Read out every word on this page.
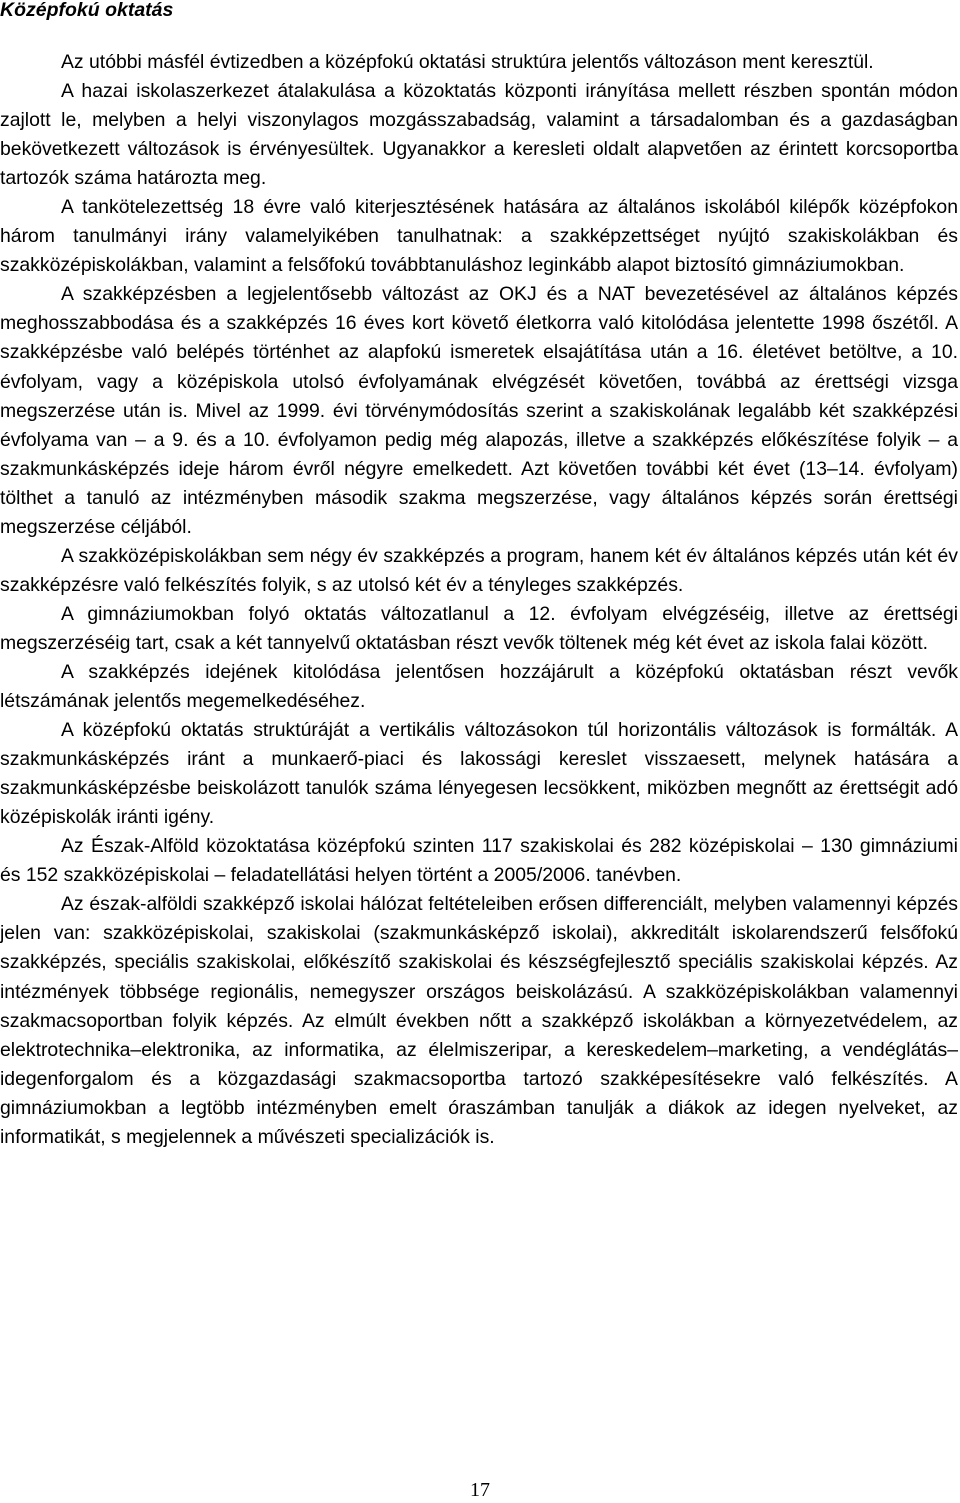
Középfokú oktatás

Az utóbbi másfél évtizedben a középfokú oktatási struktúra jelentős változáson ment keresztül.

A hazai iskolaszerkezet átalakulása a közoktatás központi irányítása mellett részben spontán módon zajlott le, melyben a helyi viszonylagos mozgásszabadság, valamint a társadalomban és a gazdaságban bekövetkezett változások is érvényesültek. Ugyanakkor a keresleti oldalt alapvetően az érintett korcsoportba tartozók száma határozta meg.

A tankötelezettség 18 évre való kiterjesztésének hatására az általános iskolából kilépők középfokon három tanulmányi irány valamelyikében tanulhatnak: a szakképzettséget nyújtó szakiskolákban és szakközépiskolákban, valamint a felsőfokú továbbtanuláshoz leginkább alapot biztosító gimnáziumokban.

A szakképzésben a legjelentősebb változást az OKJ és a NAT bevezetésével az általános képzés meghosszabbodása és a szakképzés 16 éves kort követő életkorra való kitolódása jelentette 1998 őszétől. A szakképzésbe való belépés történhet az alapfokú ismeretek elsajátítása után a 16. életévet betöltve, a 10. évfolyam, vagy a középiskola utolsó évfolyamának elvégzését követően, továbbá az érettségi vizsga megszerzése után is. Mivel az 1999. évi törvénymódosítás szerint a szakiskolának legalább két szakképzési évfolyama van – a 9. és a 10. évfolyamon pedig még alapozás, illetve a szakképzés előkészítése folyik – a szakmunkásképzés ideje három évről négyre emelkedett. Azt követően további két évet (13–14. évfolyam) tölthet a tanuló az intézményben második szakma megszerzése, vagy általános képzés során érettségi megszerzése céljából.

A szakközépiskolákban sem négy év szakképzés a program, hanem két év általános képzés után két év szakképzésre való felkészítés folyik, s az utolsó két év a tényleges szakképzés.

A gimnáziumokban folyó oktatás változatlanul a 12. évfolyam elvégzéséig, illetve az érettségi megszerzéséig tart, csak a két tannyelvű oktatásban részt vevők töltenek még két évet az iskola falai között.

A szakképzés idejének kitolódása jelentősen hozzájárult a középfokú oktatásban részt vevők létszámának jelentős megemelkedéséhez.

A középfokú oktatás struktúráját a vertikális változásokon túl horizontális változások is formálták. A szakmunkásképzés iránt a munkaerő-piaci és lakossági kereslet visszaesett, melynek hatására a szakmunkásképzésbe beiskolázott tanulók száma lényegesen lecsökkent, miközben megnőtt az érettségit adó középiskolák iránti igény.

Az Észak-Alföld közoktatása középfokú szinten 117 szakiskolai és 282 középiskolai – 130 gimnáziumi és 152 szakközépiskolai – feladatellátási helyen történt a 2005/2006. tanévben.

Az észak-alföldi szakképző iskolai hálózat feltételeiben erősen differenciált, melyben valamennyi képzés jelen van: szakközépiskolai, szakiskolai (szakmunkásképző iskolai), akkreditált iskolarendszerű felsőfokú szakképzés, speciális szakiskolai, előkészítő szakiskolai és készségfejlesztő speciális szakiskolai képzés. Az intézmények többsége regionális, nemegyszer országos beiskolázású. A szakközépiskolákban valamennyi szakmacsoportban folyik képzés. Az elmúlt években nőtt a szakképző iskolákban a környezetvédelem, az elektrotechnika–elektronika, az informatika, az élelmiszeripar, a kereskedelem–marketing, a vendéglátás–idegenforgalom és a közgazdasági szakmacsoportba tartozó szakképesítésekre való felkészítés. A gimnáziumokban a legtöbb intézményben emelt óraszámban tanulják a diákok az idegen nyelveket, az informatikát, s megjelennek a művészeti specializációk is.

17
